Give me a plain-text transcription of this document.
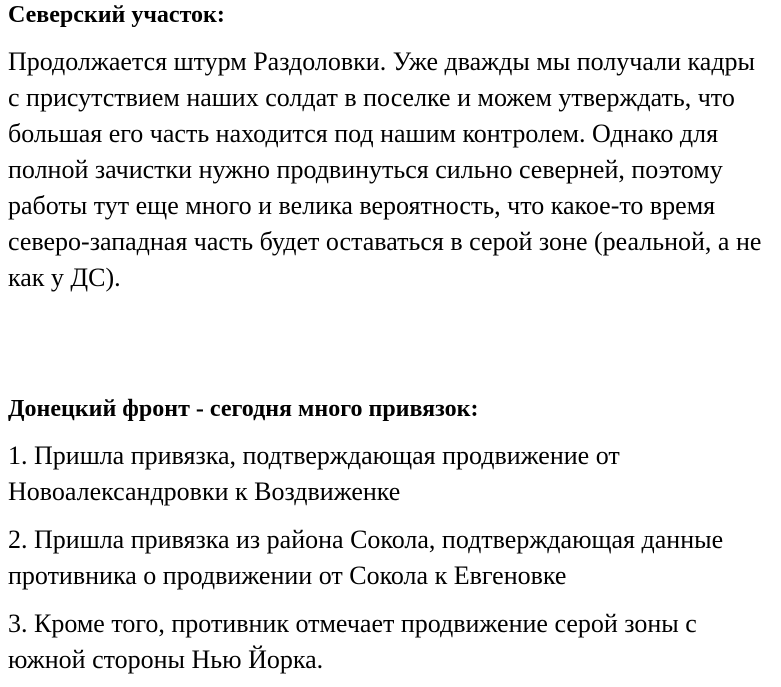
Северский участок:

Продолжается штурм Раздоловки. Уже дважды мы получали кадры с присутствием наших солдат в поселке и можем утверждать, что большая его часть находится под нашим контролем. Однако для полной зачистки нужно продвинуться сильно северней, поэтому работы тут еще много и велика вероятность, что какое-то время северо-западная часть будет оставаться в серой зоне (реальной, а не как у ДС).

Донецкий фронт - сегодня много привязок:

1. Пришла привязка, подтверждающая продвижение от Новоалександровки к Воздвиженке

2. Пришла привязка из района Сокола, подтверждающая данные противника о продвижении от Сокола к Евгеновке

3. Кроме того, противник отмечает продвижение серой зоны с южной стороны Нью Йорка.
